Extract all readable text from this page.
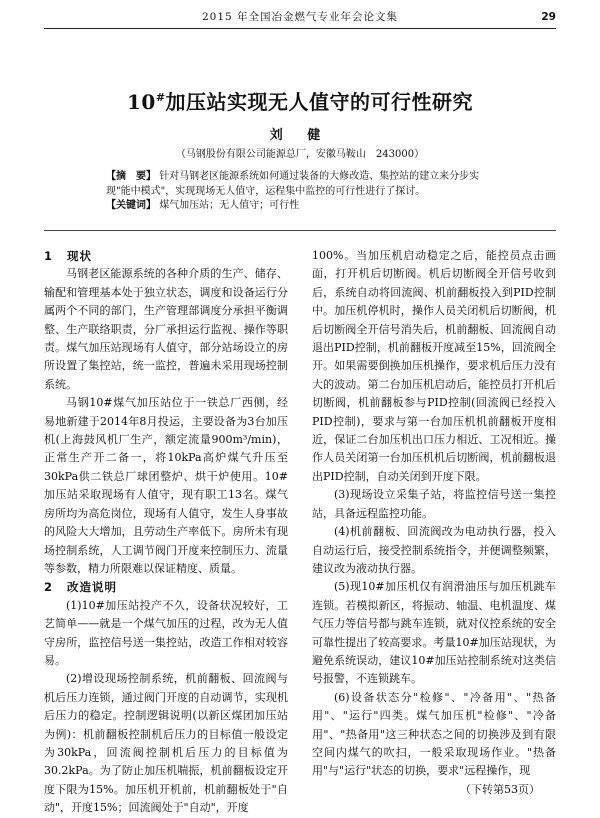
2015 年全国冶金燃气专业年会论文集	29
10#加压站实现无人值守的可行性研究
刘 健
（马钢股份有限公司能源总厂，安徽马鞍山　243000）

【摘　要】 针对马钢老区能源系统如何通过装备的大修改造、集控站的建立来分步实现"能中模式"，实现现场无人值守，运程集中监控的可行性进行了探讨。

【关键词】 煤气加压站；无人值守；可行性

1 现状

马钢老区能源系统的各种介质的生产、储存、输配和管理基本处于独立状态，调度和设备运行分属两个不同的部门，生产管理部调度分承担平衡调整、生产联络职责，分厂承担运行监视、操作等职责。煤气加压站现场有人值守，部分站场设立的房所设置了集控站，统一监控，普遍未采用现场控制系统。

马钢10#煤气加压站位于一铁总厂西侧，经 易地新建于2014年8月投运，主要设备为3台加压机(上海鼓风机厂生产，额定流量900m³/min)，正常生产开二备一，将10kPa高炉煤气升压至30kPa供二铁总厂球团整炉、烘干炉使用。10#加压站采取现场有人值守，现有职工13名。煤气房所均为高危岗位，现场有人值守，发生人身事故的风险大大增加，且劳动生产率低下。房所未有现场控制系统，人工调节阀门开度来控制压力、流量等参数，精力所限难以保证精度、质量。

2 改造说明

(1)10#加压站投产不久，设备状况较好，工艺简单——就是一个煤气加压的过程，改为无人值守房所，监控信号送一集控站，改造工作相对较容易。

(2)增设现场控制系统，机前翻板、回流阀与机后压力连锁，通过阀门开度的自动调节，实现机后压力的稳定。控制逻辑说明(以新区煤团加压站为例)：机前翻板控制机后压力的目标值一般设定为30kPa，回流阀控制机后压力的目标值为30.2kPa。为了防止加压机喘振，机前翻板设定开度下限为15%。加压机开机前，机前翻板处于"自动"，开度15%；回流阀处于"自动"，开度

100%。当加压机启动稳定之后，能控员点击画面，打开机后切断阀。机后切断阀全开信号收到后，系统自动将回流阀、机前翻板投入到PID控制中。加压机停机时，操作人员关闭机后切断阀，机后切断阀全开信号消失后，机前翻板、回流阀自动退出PID控制，机前翻板开度减至15%，回流阀全开。如果需要倒换加压机操作，要求机后压力没有大的波动。第二台加压机启动后，能控员打开机后切断阀，机前翻板参与PID控制(回流阀已经投入PID控制)，要求与第一台加压机机前翻板开度相近，保证二台加压机出口压力相近、工况相近。操作人员关闭第一台加压机机后切断阀，机前翻板退出PID控制，自动关闭到开度下限。

(3)现场设立采集子站，将监控信号送一集控站，具备远程监控功能。

(4)机前翻板、回流阀改为电动执行器，投入自动运行后，接受控制系统指令，并便调整频繁，建议改为液动执行器。

(5)现10#加压机仅有润滑油压与加压机跳车连锁。若模拟新区，将振动、轴温、电机温度、煤气压力等信号都与跳车连锁，就对仪控系统的安全可靠性提出了较高要求。考量10#加压站现状，为避免系统误动，建议10#加压站控制系统对这类信号报警，不连锁跳车。

(6)设备状态分"检修"、"冷备用"、"热备用"、"运行"四类。煤气加压机"检修"、"冷备用"、"热备用"这三种状态之间的切换涉及到有限空间内煤气的吹扫，一般采取现场作业。"热备用"与"运行"状态的切换，要求"远程操作，现

（下转第53页）
